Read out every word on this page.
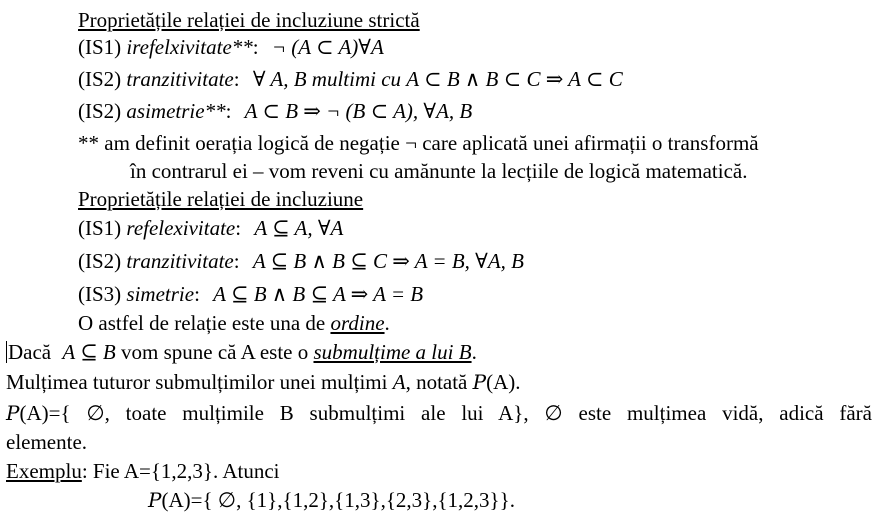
Proprietățile relației de incluziune strictă
(IS1) irefelxivitate**: ¬ (A ⊂ A)∀A
(IS2) tranzitivitate: ∀ A, B multimi cu A ⊂ B ∧ B ⊂ C ⇒ A ⊂ C
(IS2) asimetrie**: A ⊂ B ⇒ ¬ (B ⊂ A), ∀A, B
** am definit oerația logică de negație ¬ care aplicată unei afirmații o transformă
în contrarul ei – vom reveni cu amănunte la lecțiile de logică matematică.
Proprietățile relației de incluziune
(IS1) refelexivitate: A ⊆ A, ∀A
(IS2) tranzitivitate: A ⊆ B ∧ B ⊆ C ⇒ A = B, ∀A, B
(IS3) simetrie: A ⊆ B ∧ B ⊆ A ⇒ A = B
O astfel de relație este una de ordine.
Dacă A ⊆ B vom spune că A este o submulțime a lui B.
Mulțimea tuturor submulțimilor unei mulțimi A, notată P(A).
P(A)={ ∅, toate mulțimile B submulțimi ale lui A}, ∅ este mulțimea vidă, adică fără
elemente.
Exemplu: Fie A={1,2,3}. Atunci
P(A)={ ∅, {1},{1,2},{1,3},{2,3},{1,2,3}}.
